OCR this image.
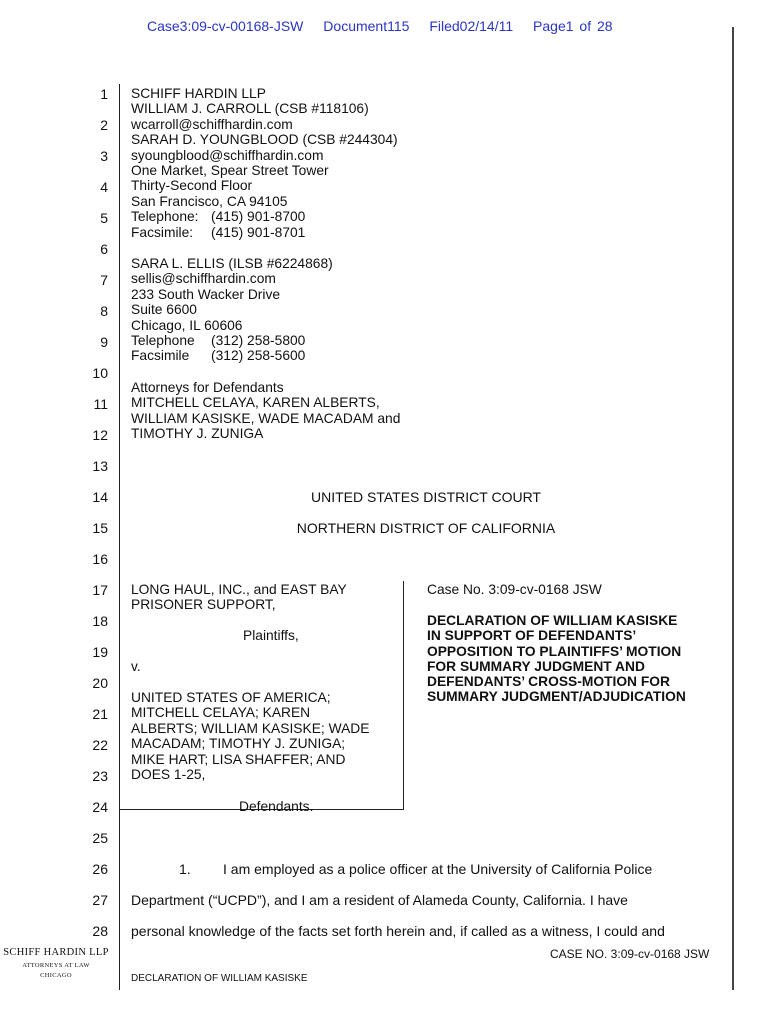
Case3:09-cv-00168-JSW Document115 Filed02/14/11 Page1 of 28
1
2
3
4
5
6
7
8
9
10
11
12
13
14
15
16
17
18
19
20
21
22
23
24
25
26
27
28
SCHIFF HARDIN LLP
WILLIAM J. CARROLL (CSB #118106)
wcarroll@schiffhardin.com
SARAH D. YOUNGBLOOD (CSB #244304)
syoungblood@schiffhardin.com
One Market, Spear Street Tower
Thirty-Second Floor
San Francisco, CA 94105
Telephone: (415) 901-8700
Facsimile: (415) 901-8701
SARA L. ELLIS (ILSB #6224868)
sellis@schiffhardin.com
233 South Wacker Drive
Suite 6600
Chicago, IL 60606
Telephone (312) 258-5800
Facsimile (312) 258-5600
Attorneys for Defendants
MITCHELL CELAYA, KAREN ALBERTS,
WILLIAM KASISKE, WADE MACADAM and
TIMOTHY J. ZUNIGA
UNITED STATES DISTRICT COURT
NORTHERN DISTRICT OF CALIFORNIA
LONG HAUL, INC., and EAST BAY
PRISONER SUPPORT,
Plaintiffs,
v.
UNITED STATES OF AMERICA;
MITCHELL CELAYA; KAREN
ALBERTS; WILLIAM KASISKE; WADE
MACADAM; TIMOTHY J. ZUNIGA;
MIKE HART; LISA SHAFFER; AND
DOES 1-25,
Defendants.
Case No. 3:09-cv-0168 JSW
DECLARATION OF WILLIAM KASISKE
IN SUPPORT OF DEFENDANTS’
OPPOSITION TO PLAINTIFFS’ MOTION
FOR SUMMARY JUDGMENT AND
DEFENDANTS’ CROSS-MOTION FOR
SUMMARY JUDGMENT/ADJUDICATION
1. I am employed as a police officer at the University of California Police
Department (“UCPD”), and I am a resident of Alameda County, California. I have
personal knowledge of the facts set forth herein and, if called as a witness, I could and
SCHIFF HARDIN LLP
ATTORNEYS AT LAW
CHICAGO
CASE NO. 3:09-cv-0168 JSW
DECLARATION OF WILLIAM KASISKE
